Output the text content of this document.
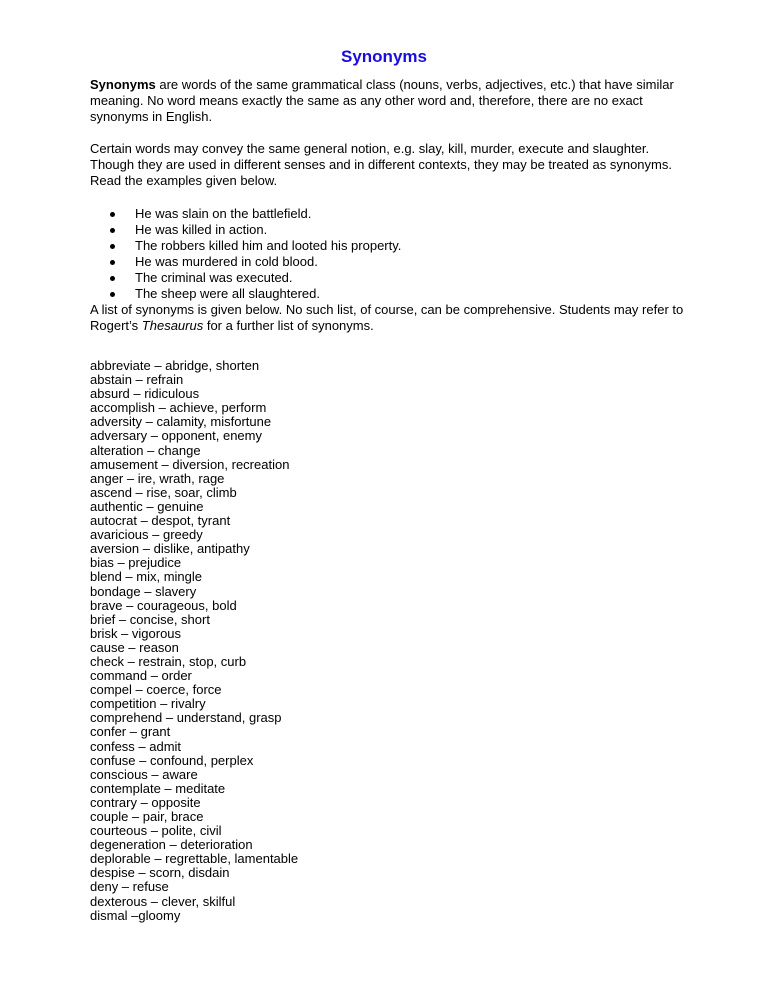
Synonyms

Synonyms are words of the same grammatical class (nouns, verbs, adjectives, etc.) that have similar meaning. No word means exactly the same as any other word and, therefore, there are no exact synonyms in English.

Certain words may convey the same general notion, e.g. slay, kill, murder, execute and slaughter. Though they are used in different senses and in different contexts, they may be treated as synonyms. Read the examples given below.

He was slain on the battlefield.
He was killed in action.
The robbers killed him and looted his property.
He was murdered in cold blood.
The criminal was executed.
The sheep were all slaughtered.

A list of synonyms is given below. No such list, of course, can be comprehensive. Students may refer to Rogert’s Thesaurus for a further list of synonyms.

abbreviate – abridge, shorten
abstain – refrain
absurd – ridiculous
accomplish – achieve, perform
adversity – calamity, misfortune
adversary – opponent, enemy
alteration – change
amusement – diversion, recreation
anger – ire, wrath, rage
ascend – rise, soar, climb
authentic – genuine
autocrat – despot, tyrant
avaricious – greedy
aversion – dislike, antipathy
bias – prejudice
blend – mix, mingle
bondage – slavery
brave – courageous, bold
brief – concise, short
brisk – vigorous
cause – reason
check – restrain, stop, curb
command – order
compel – coerce, force
competition – rivalry
comprehend – understand, grasp
confer – grant
confess – admit
confuse – confound, perplex
conscious – aware
contemplate – meditate
contrary – opposite
couple – pair, brace
courteous – polite, civil
degeneration – deterioration
deplorable – regrettable, lamentable
despise – scorn, disdain
deny – refuse
dexterous – clever, skilful
dismal –gloomy
